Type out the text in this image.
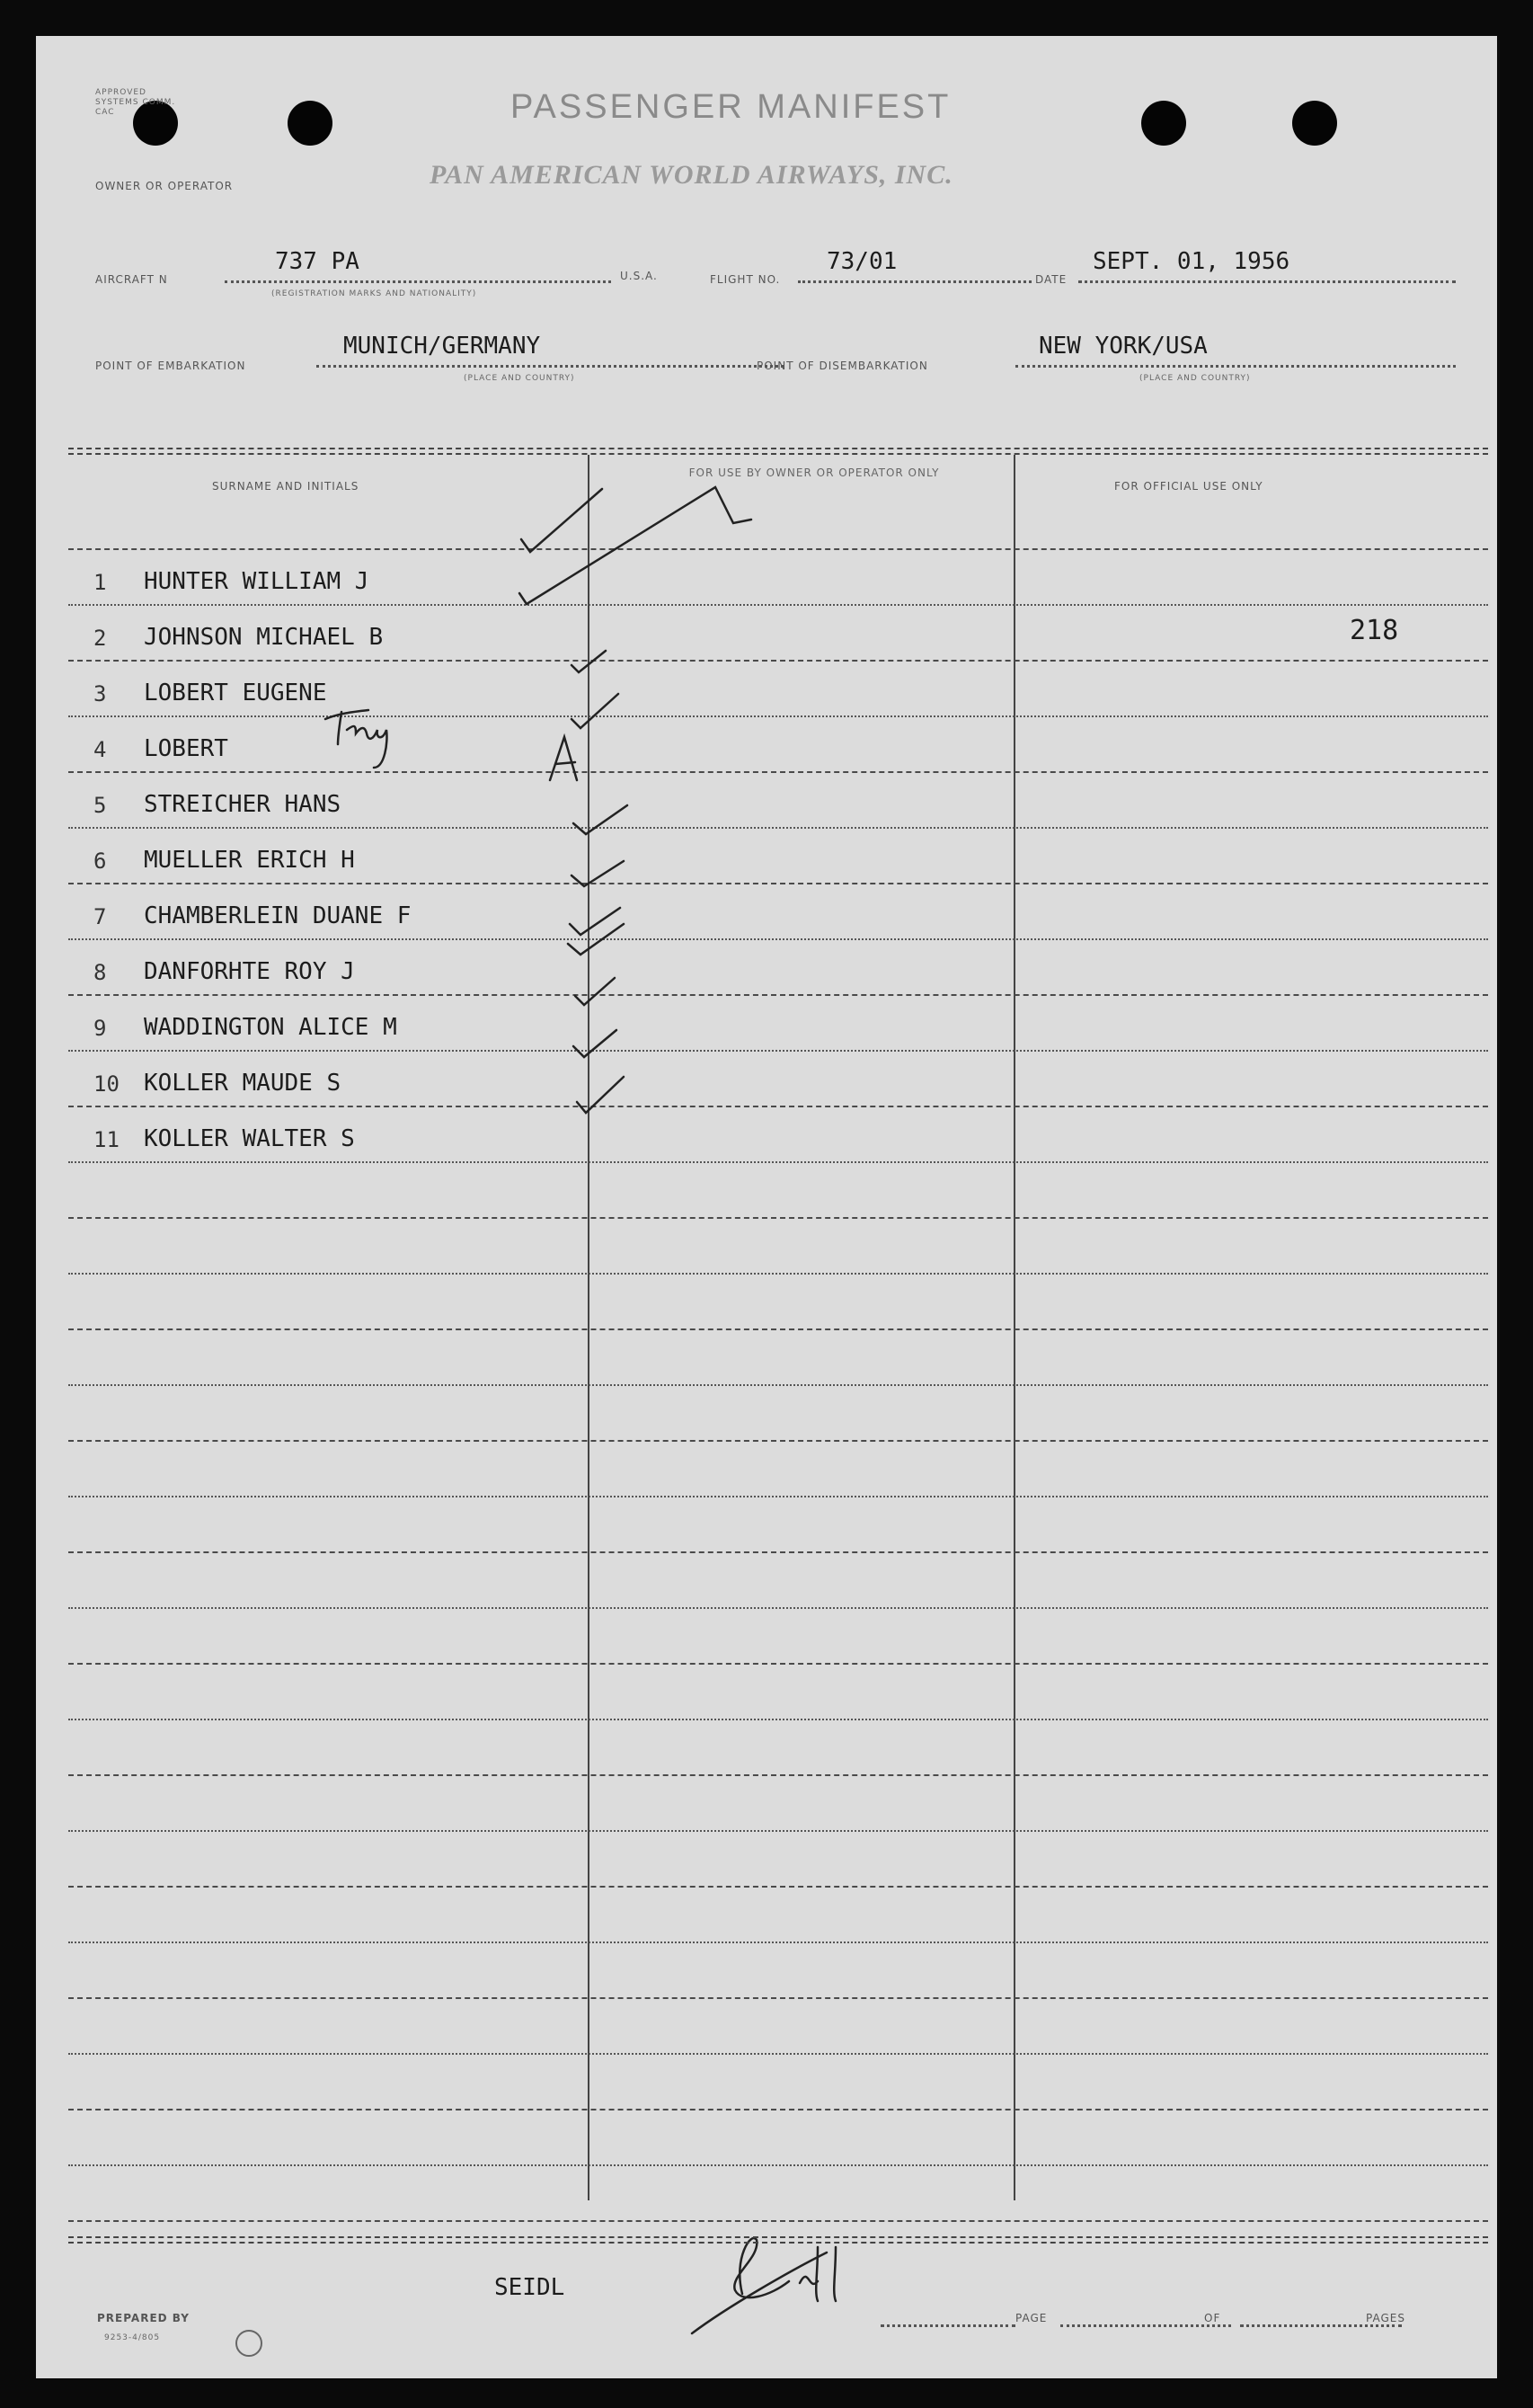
APPROVED SYSTEMS COMM. CAC	PASSENGER MANIFEST
PAN AMERICAN WORLD AIRWAYS, INC.
OWNER OR OPERATOR
AIRCRAFT N
737 PA
(REGISTRATION MARKS AND NATIONALITY)
U.S.A.	FLIGHT NO.
73/01
DATE
SEPT. 01, 1956
POINT OF EMBARKATION
MUNICH/GERMANY
(PLACE AND COUNTRY)
POINT OF DISEMBARKATION
NEW YORK/USA
(PLACE AND COUNTRY)
SURNAME AND INITIALS
FOR USE BY OWNER OR OPERATOR ONLY
FOR OFFICIAL USE ONLY
1 HUNTER WILLIAM J
2 JOHNSON MICHAEL B	218
3 LOBERT EUGENE
4 LOBERT
5 STREICHER HANS
6 MUELLER ERICH H
7 CHAMBERLEIN DUANE F
8 DANFORHTE ROY J
9 WADDINGTON ALICE M
10 KOLLER MAUDE S
11 KOLLER WALTER S
SEIDL
PREPARED BY
9253-4/805
PAGE	OF	PAGES
